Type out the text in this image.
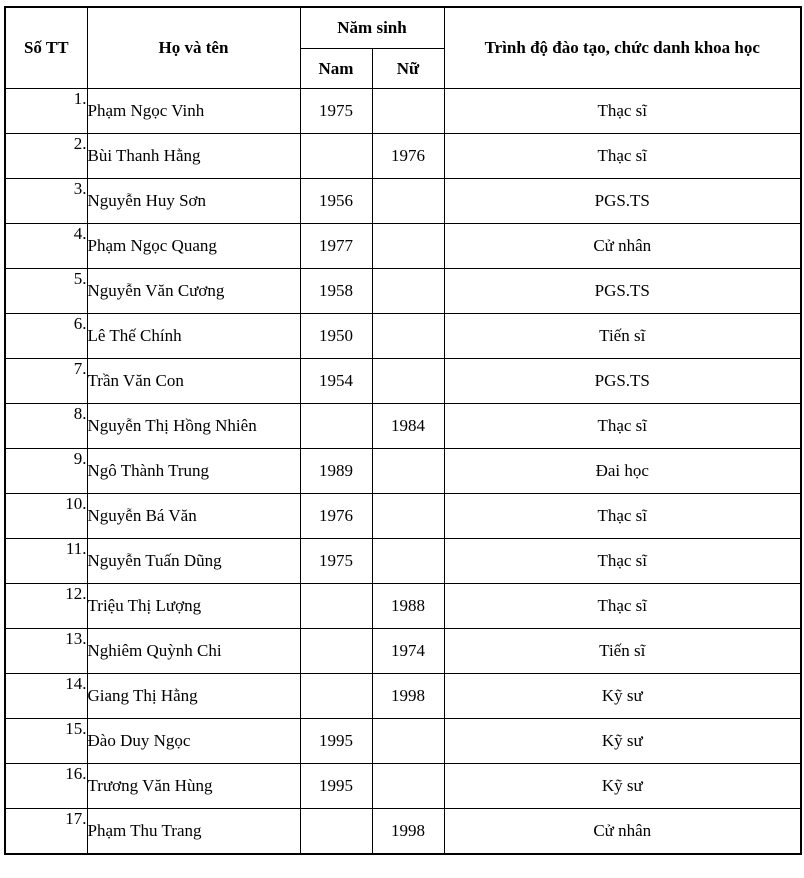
Số TT	Họ và tên	Năm sinh		Trình độ đào tạo, chức danh khoa học
		Nam	Nữ	
1.	Phạm Ngọc Vinh	1975		Thạc sĩ
2.	Bùi Thanh Hằng		1976	Thạc sĩ
3.	Nguyễn Huy Sơn	1956		PGS.TS
4.	Phạm Ngọc Quang	1977		Cử nhân
5.	Nguyễn Văn Cương	1958		PGS.TS
6.	Lê Thế Chính	1950		Tiến sĩ
7.	Trần Văn Con	1954		PGS.TS
8.	Nguyễn Thị Hồng Nhiên		1984	Thạc sĩ
9.	Ngô Thành Trung	1989		Đai học
10.	Nguyễn Bá Văn	1976		Thạc sĩ
11.	Nguyễn Tuấn Dũng	1975		Thạc sĩ
12.	Triệu Thị Lượng		1988	Thạc sĩ
13.	Nghiêm Quỳnh Chi		1974	Tiến sĩ
14.	Giang Thị Hằng		1998	Kỹ sư
15.	Đào Duy Ngọc	1995		Kỹ sư
16.	Trương Văn Hùng	1995		Kỹ sư
17.	Phạm Thu Trang		1998	Cử nhân
